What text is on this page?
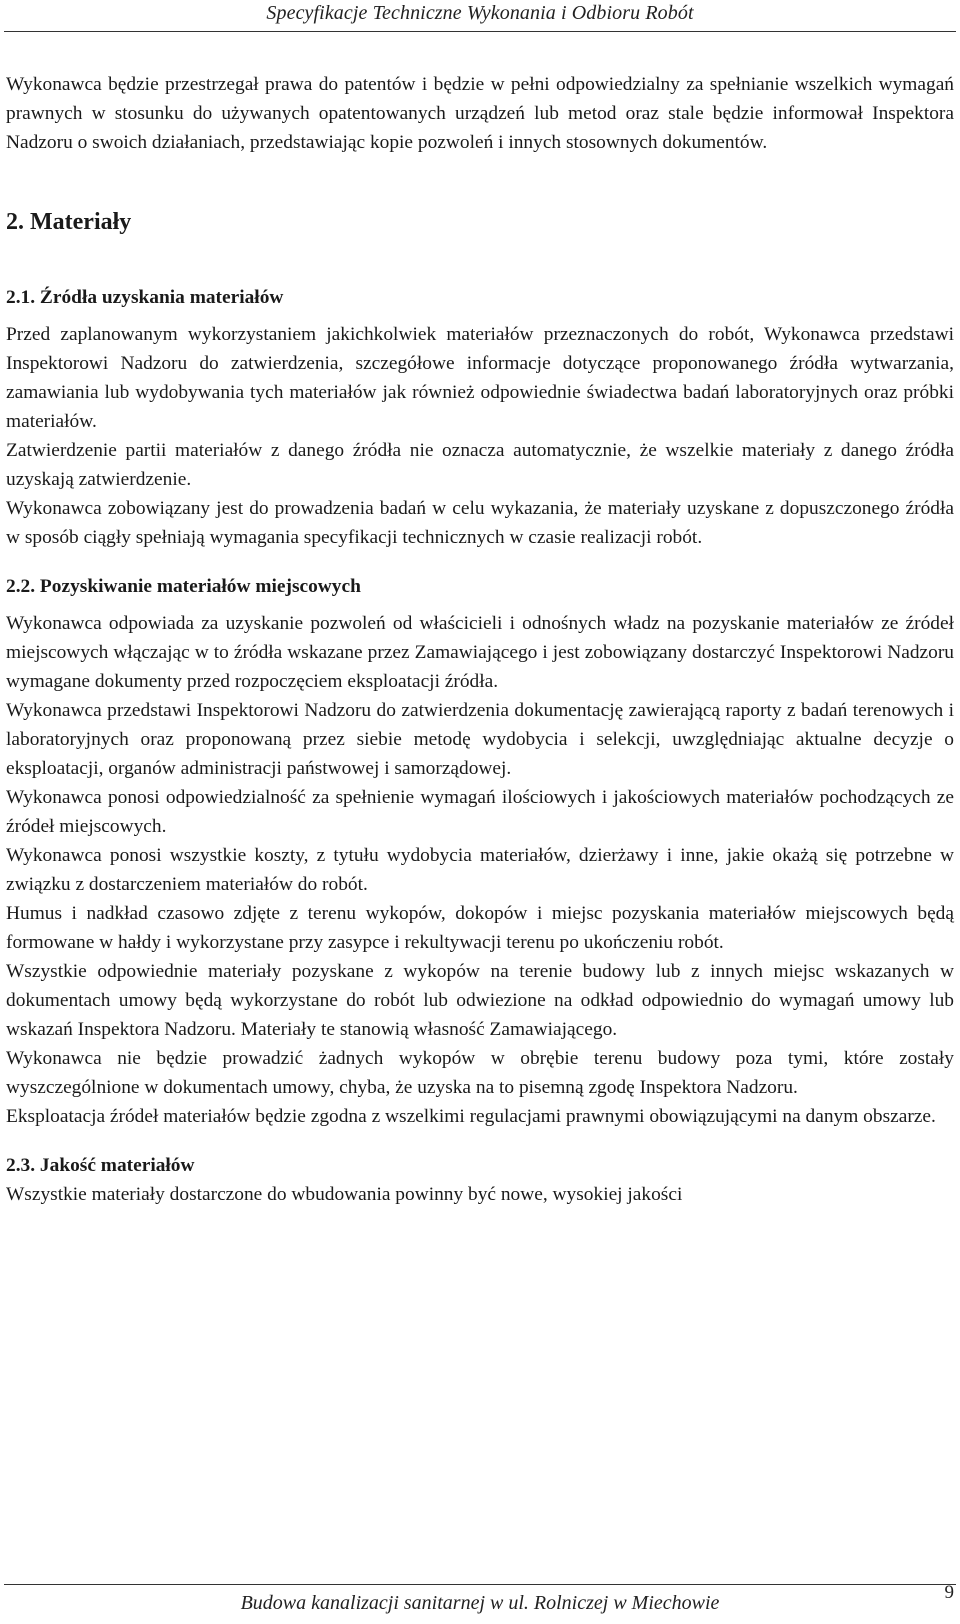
Specyfikacje Techniczne Wykonania i Odbioru Robót

Wykonawca będzie przestrzegał prawa do patentów i będzie w pełni odpowiedzialny za spełnianie wszelkich wymagań prawnych w stosunku do używanych opatentowanych urządzeń lub metod oraz stale będzie informował Inspektora Nadzoru o swoich działaniach, przedstawiając kopie pozwoleń i innych stosownych dokumentów.

2. Materiały
2.1. Źródła uzyskania materiałów

Przed zaplanowanym wykorzystaniem jakichkolwiek materiałów przeznaczonych do robót, Wykonawca przedstawi Inspektorowi Nadzoru do zatwierdzenia, szczegółowe informacje dotyczące proponowanego źródła wytwarzania, zamawiania lub wydobywania tych materiałów jak również odpowiednie świadectwa badań laboratoryjnych oraz próbki materiałów.

Zatwierdzenie partii materiałów z danego źródła nie oznacza automatycznie, że wszelkie materiały z danego źródła uzyskają zatwierdzenie.

Wykonawca zobowiązany jest do prowadzenia badań w celu wykazania, że materiały uzyskane z dopuszczonego źródła w sposób ciągły spełniają wymagania specyfikacji technicznych w czasie realizacji robót.

2.2. Pozyskiwanie materiałów miejscowych

Wykonawca odpowiada za uzyskanie pozwoleń od właścicieli i odnośnych władz na pozyskanie materiałów ze źródeł miejscowych włączając w to źródła wskazane przez Zamawiającego i jest zobowiązany dostarczyć Inspektorowi Nadzoru wymagane dokumenty przed rozpoczęciem eksploatacji źródła.

Wykonawca przedstawi Inspektorowi Nadzoru do zatwierdzenia dokumentację zawierającą raporty z badań terenowych i laboratoryjnych oraz proponowaną przez siebie metodę wydobycia i selekcji, uwzględniając aktualne decyzje o eksploatacji, organów administracji państwowej i samorządowej.

Wykonawca ponosi odpowiedzialność za spełnienie wymagań ilościowych i jakościowych materiałów pochodzących ze źródeł miejscowych.

Wykonawca ponosi wszystkie koszty, z tytułu wydobycia materiałów, dzierżawy i inne, jakie okażą się potrzebne w związku z dostarczeniem materiałów do robót.

Humus i nadkład czasowo zdjęte z terenu wykopów, dokopów i miejsc pozyskania materiałów miejscowych będą formowane w hałdy i wykorzystane przy zasypce i rekultywacji terenu po ukończeniu robót.

Wszystkie odpowiednie materiały pozyskane z wykopów na terenie budowy lub z innych miejsc wskazanych w dokumentach umowy będą wykorzystane do robót lub odwiezione na odkład odpowiednio do wymagań umowy lub wskazań Inspektora Nadzoru. Materiały te stanowią własność Zamawiającego.

Wykonawca nie będzie prowadzić żadnych wykopów w obrębie terenu budowy poza tymi, które zostały wyszczególnione w dokumentach umowy, chyba, że uzyska na to pisemną zgodę Inspektora Nadzoru.

Eksploatacja źródeł materiałów będzie zgodna z wszelkimi regulacjami prawnymi obowiązującymi na danym obszarze.

2.3. Jakość materiałów

Wszystkie materiały dostarczone do wbudowania powinny być nowe, wysokiej jakości

Budowa kanalizacji sanitarnej w ul. Rolniczej w Miechowie	9
